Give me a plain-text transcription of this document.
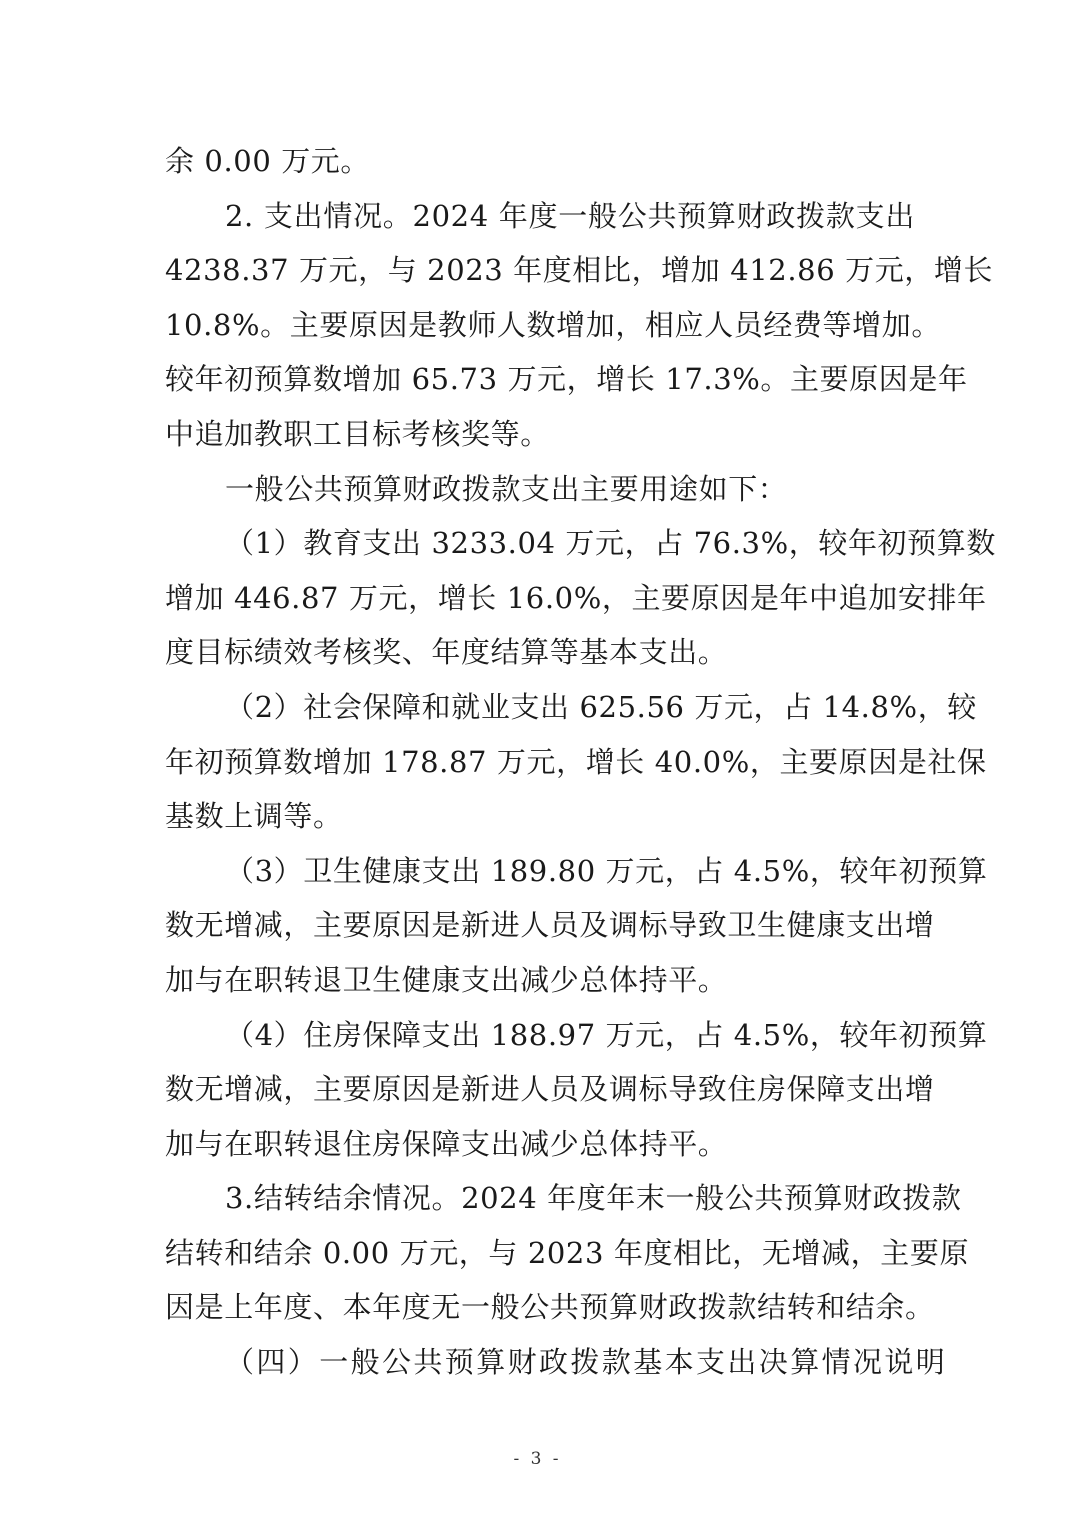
余 0.00 万元。
2. 支出情况。2024 年度一般公共预算财政拨款支出
4238.37 万元，与 2023 年度相比，增加 412.86 万元，增长
10.8%。主要原因是教师人数增加，相应人员经费等增加。
较年初预算数增加 65.73 万元，增长 17.3%。主要原因是年
中追加教职工目标考核奖等。
一般公共预算财政拨款支出主要用途如下：
（1）教育支出 3233.04 万元，占 76.3%，较年初预算数
增加 446.87 万元，增长 16.0%，主要原因是年中追加安排年
度目标绩效考核奖、年度结算等基本支出。
（2）社会保障和就业支出 625.56 万元，占 14.8%，较
年初预算数增加 178.87 万元，增长 40.0%，主要原因是社保
基数上调等。
（3）卫生健康支出 189.80 万元，占 4.5%，较年初预算
数无增减，主要原因是新进人员及调标导致卫生健康支出增
加与在职转退卫生健康支出减少总体持平。
（4）住房保障支出 188.97 万元，占 4.5%，较年初预算
数无增减，主要原因是新进人员及调标导致住房保障支出增
加与在职转退住房保障支出减少总体持平。
3.结转结余情况。2024 年度年末一般公共预算财政拨款
结转和结余 0.00 万元，与 2023 年度相比，无增减，主要原
因是上年度、本年度无一般公共预算财政拨款结转和结余。
（四）一般公共预算财政拨款基本支出决算情况说明
- 3 -
